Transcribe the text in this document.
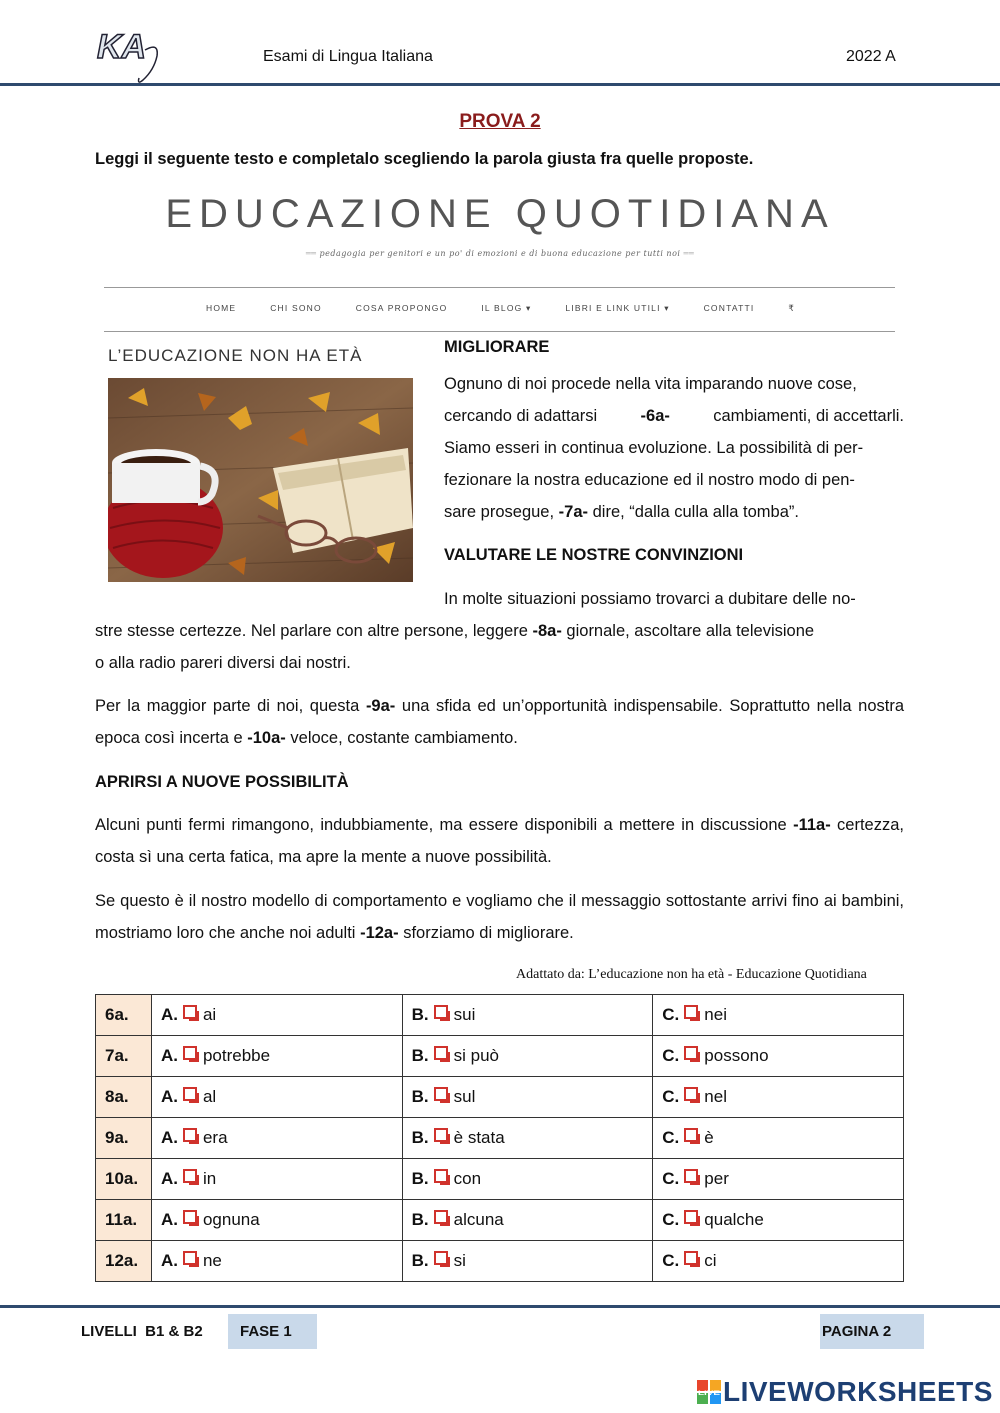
KA	Esami di Lingua Italiana	2022 A
PROVA 2
Leggi il seguente testo e completalo scegliendo la parola giusta fra quelle proposte.
EDUCAZIONE QUOTIDIANA
══ pedagogia per genitori e un po' di emozioni e di buona educazione per tutti noi ══
HOME	CHI SONO	COSA PROPONGO	IL BLOG ▾	LIBRI E LINK UTILI ▾	CONTATTI	₹
L’EDUCAZIONE NON HA ETÀ	MIGLIORARE
Ognuno di noi procede nella vita imparando nuove cose,
cercando di adattarsi	-6a-	cambiamenti, di accettarli.
Siamo esseri in continua evoluzione. La possibilità di per-
fezionare la nostra educazione ed il nostro modo di pen-
sare prosegue, -7a- dire, “dalla culla alla tomba”.
VALUTARE LE NOSTRE CONVINZIONI
In molte situazioni possiamo trovarci a dubitare delle no-
stre stesse certezze. Nel parlare con altre persone, leggere -8a- giornale, ascoltare alla televisione
o alla radio pareri diversi dai nostri.
Per la maggior parte di noi, questa -9a- una sfida ed un’opportunità indispensabile. Soprattutto nella nostra epoca così incerta e -10a- veloce, costante cambiamento.
APRIRSI A NUOVE POSSIBILITÀ
Alcuni punti fermi rimangono, indubbiamente, ma essere disponibili a mettere in discussione -11a- certezza, costa sì una certa fatica, ma apre la mente a nuove possibilità.
Se questo è il nostro modello di comportamento e vogliamo che il messaggio sottostante arrivi fino ai bambini, mostriamo loro che anche noi adulti -12a- sforziamo di migliorare.
Adattato da: L’educazione non ha età - Educazione Quotidiana
6a.	A. ai	B. sui	C. nei
7a.	A. potrebbe	B. si può	C. possono
8a.	A. al	B. sul	C. nel
9a.	A. era	B. è stata	C. è
10a.	A. in	B. con	C. per
11a.	A. ognuna	B. alcuna	C. qualche
12a.	A. ne	B. si	C. ci
LIVELLI  B1 & B2	FASE 1	PAGINA 2
LIVE LIVEWORKSHEETS
